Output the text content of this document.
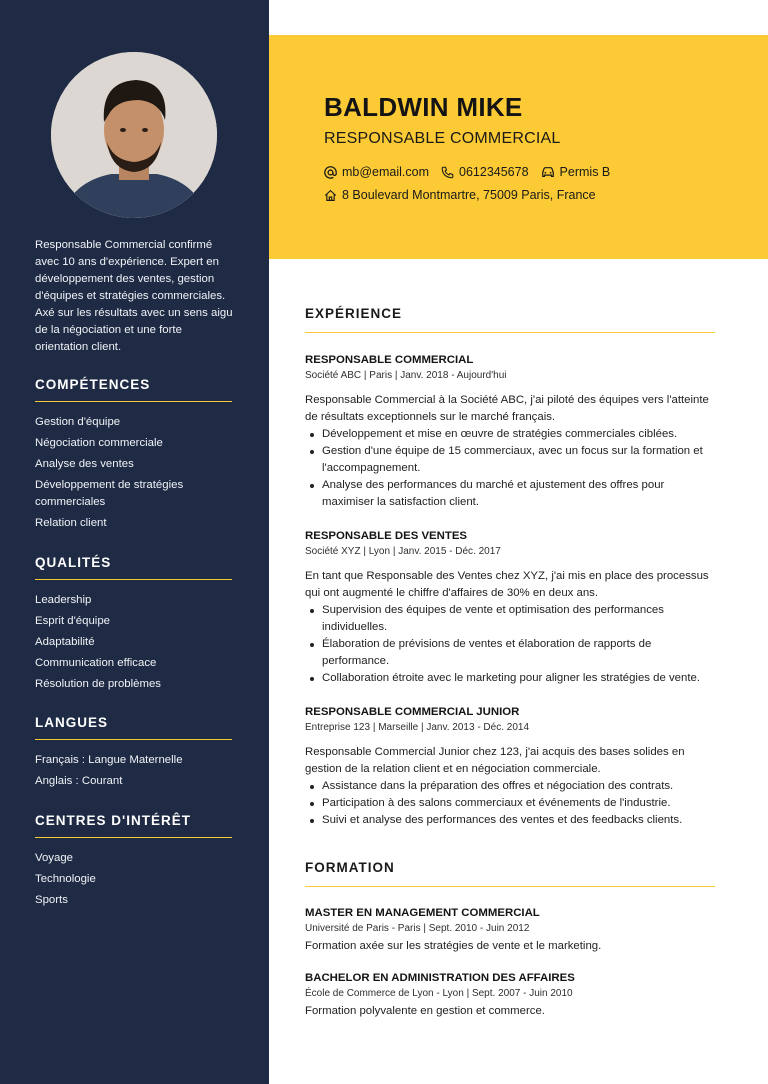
Responsable Commercial confirmé avec 10 ans d'expérience. Expert en développement des ventes, gestion d'équipes et stratégies commerciales. Axé sur les résultats avec un sens aigu de la négociation et une forte orientation client.
COMPÉTENCES
Gestion d'équipe
Négociation commerciale
Analyse des ventes
Développement de stratégies commerciales
Relation client
QUALITÉS
Leadership
Esprit d'équipe
Adaptabilité
Communication efficace
Résolution de problèmes
LANGUES
Français : Langue Maternelle
Anglais : Courant
CENTRES D'INTÉRÊT
Voyage
Technologie
Sports
BALDWIN MIKE
RESPONSABLE COMMERCIAL
mb@email.com 0612345678 Permis B
8 Boulevard Montmartre, 75009 Paris, France
EXPÉRIENCE
RESPONSABLE COMMERCIAL
Société ABC | Paris | Janv. 2018 - Aujourd'hui
Responsable Commercial à la Société ABC, j'ai piloté des équipes vers l'atteinte de résultats exceptionnels sur le marché français.
Développement et mise en œuvre de stratégies commerciales ciblées.
Gestion d'une équipe de 15 commerciaux, avec un focus sur la formation et l'accompagnement.
Analyse des performances du marché et ajustement des offres pour maximiser la satisfaction client.
RESPONSABLE DES VENTES
Société XYZ | Lyon | Janv. 2015 - Déc. 2017
En tant que Responsable des Ventes chez XYZ, j'ai mis en place des processus qui ont augmenté le chiffre d'affaires de 30% en deux ans.
Supervision des équipes de vente et optimisation des performances individuelles.
Élaboration de prévisions de ventes et élaboration de rapports de performance.
Collaboration étroite avec le marketing pour aligner les stratégies de vente.
RESPONSABLE COMMERCIAL JUNIOR
Entreprise 123 | Marseille | Janv. 2013 - Déc. 2014
Responsable Commercial Junior chez 123, j'ai acquis des bases solides en gestion de la relation client et en négociation commerciale.
Assistance dans la préparation des offres et négociation des contrats.
Participation à des salons commerciaux et événements de l'industrie.
Suivi et analyse des performances des ventes et des feedbacks clients.
FORMATION
MASTER EN MANAGEMENT COMMERCIAL
Université de Paris - Paris | Sept. 2010 - Juin 2012
Formation axée sur les stratégies de vente et le marketing.
BACHELOR EN ADMINISTRATION DES AFFAIRES
École de Commerce de Lyon - Lyon | Sept. 2007 - Juin 2010
Formation polyvalente en gestion et commerce.
